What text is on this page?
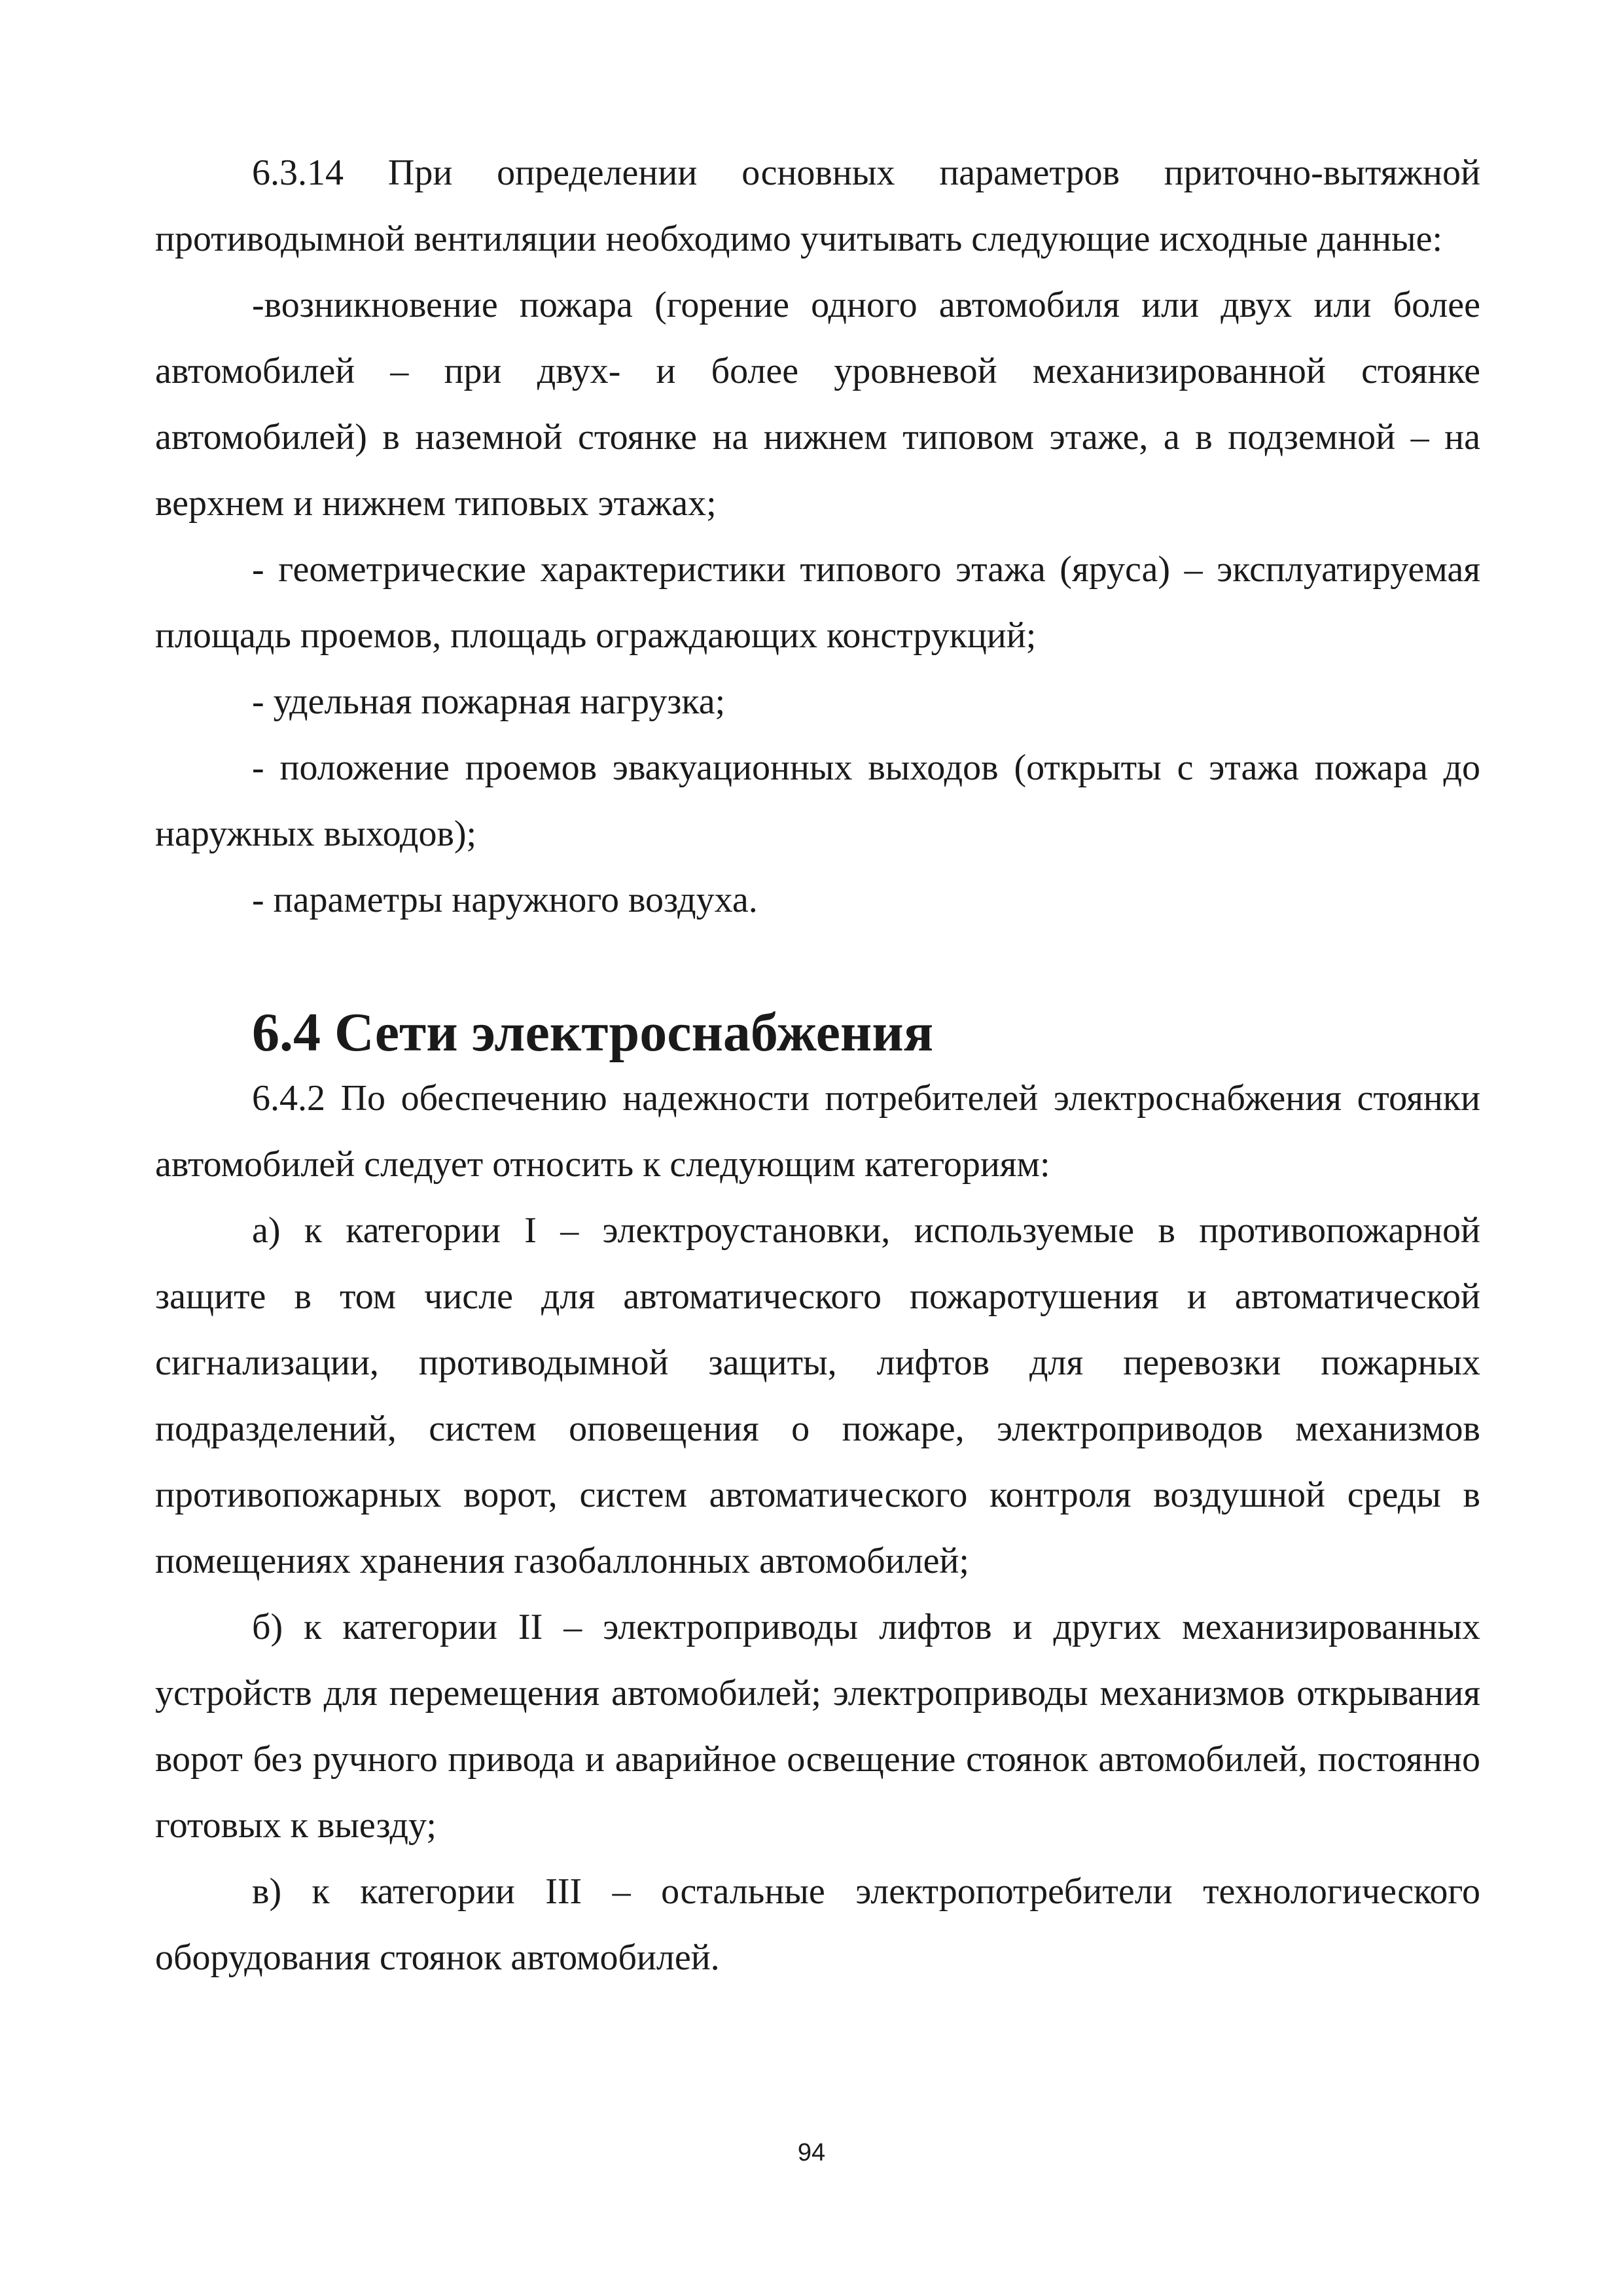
6.3.14 При определении основных параметров приточно-вытяжной противодымной вентиляции необходимо учитывать следующие исходные данные:

-возникновение пожара (горение одного автомобиля или двух или более автомобилей – при двух- и более уровневой механизированной стоянке автомобилей) в наземной стоянке на нижнем типовом этаже, а в подземной – на верхнем и нижнем типовых этажах;

- геометрические характеристики типового этажа (яруса) – эксплуатируемая площадь проемов, площадь ограждающих конструкций;

- удельная пожарная нагрузка;

- положение проемов эвакуационных выходов (открыты с этажа пожара до наружных выходов);

- параметры наружного воздуха.

6.4 Сети электроснабжения

6.4.2 По обеспечению надежности потребителей электроснабжения стоянки автомобилей следует относить к следующим категориям:

а) к категории I – электроустановки, используемые в противопожарной защите в том числе для автоматического пожаротушения и автоматической сигнализации, противодымной защиты, лифтов для перевозки пожарных подразделений, систем оповещения о пожаре, электроприводов механизмов противопожарных ворот, систем автоматического контроля воздушной среды в помещениях хранения газобаллонных автомобилей;

б) к категории II – электроприводы лифтов и других механизированных устройств для перемещения автомобилей; электроприводы механизмов открывания ворот без ручного привода и аварийное освещение стоянок автомобилей, постоянно готовых к выезду;

в) к категории III – остальные электропотребители технологического оборудования стоянок автомобилей.

94
